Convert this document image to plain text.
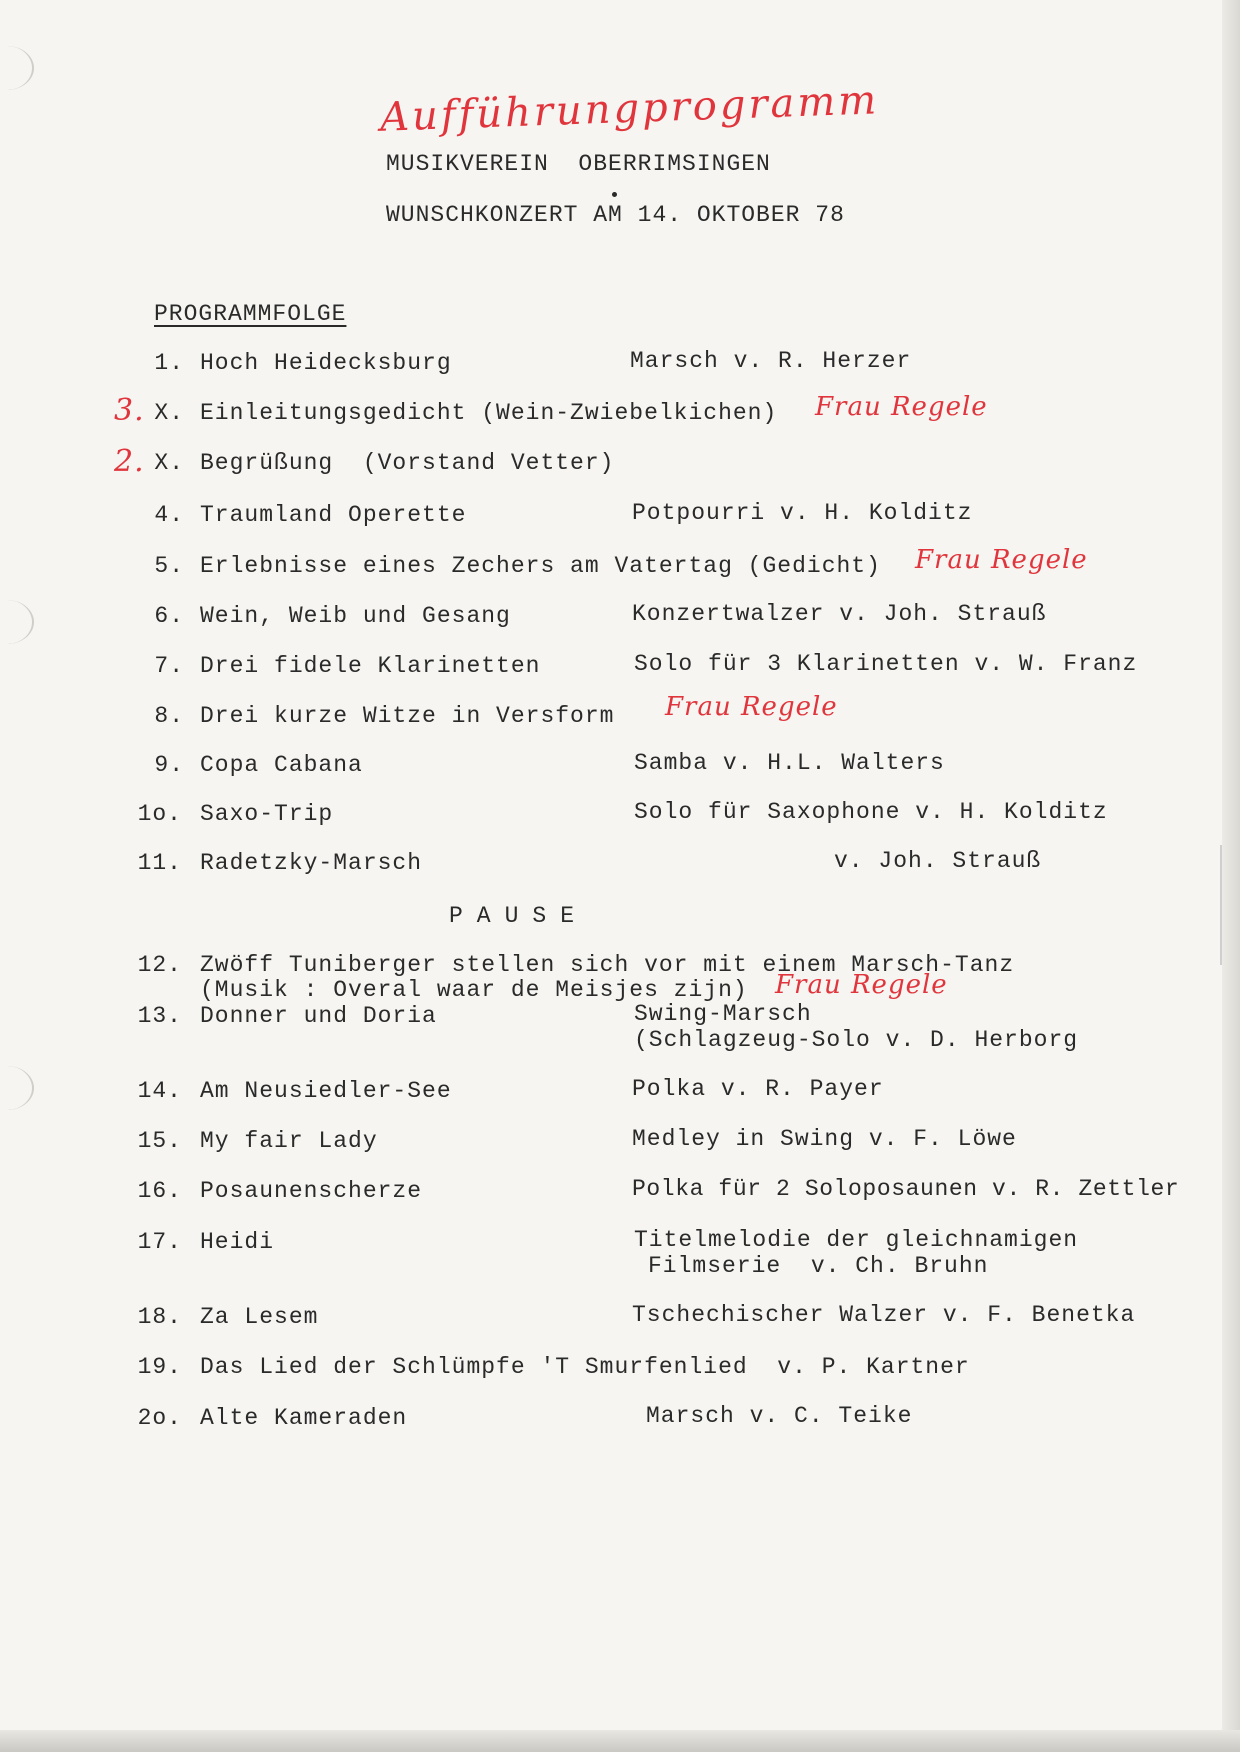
Aufführungprogramm
MUSIKVEREIN  OBERRIMSINGEN
WUNSCHKONZERT AM 14. OKTOBER 78
PROGRAMMFOLGE
1. Hoch Heidecksburg	Marsch v. R. Herzer
3. X. Einleitungsgedicht (Wein-Zwiebelkichen) Frau Regele
2. X. Begrüßung  (Vorstand Vetter)
4. Traumland Operette	Potpourri v. H. Kolditz
5. Erlebnisse eines Zechers am Vatertag (Gedicht) Frau Regele
6. Wein, Weib und Gesang	Konzertwalzer v. Joh. Strauß
7. Drei fidele Klarinetten	Solo für 3 Klarinetten v. W. Franz
8. Drei kurze Witze in Versform Frau Regele
9. Copa Cabana	Samba v. H.L. Walters
1o. Saxo-Trip	Solo für Saxophone v. H. Kolditz
11. Radetzky-Marsch	v. Joh. Strauß
PAUSE
12. Zwöff Tuniberger stellen sich vor mit einem Marsch-Tanz
(Musik : Overal waar de Meisjes zijn) Frau Regele
13. Donner und Doria	Swing-Marsch
(Schlagzeug-Solo v. D. Herborg
14. Am Neusiedler-See	Polka v. R. Payer
15. My fair Lady	Medley in Swing v. F. Löwe
16. Posaunenscherze	Polka für 2 Soloposaunen v. R. Zettler
17. Heidi	Titelmelodie der gleichnamigen
Filmserie  v. Ch. Bruhn
18. Za Lesem	Tschechischer Walzer v. F. Benetka
19. Das Lied der Schlümpfe 'T Smurfenlied  v. P. Kartner
2o. Alte Kameraden	Marsch v. C. Teike
